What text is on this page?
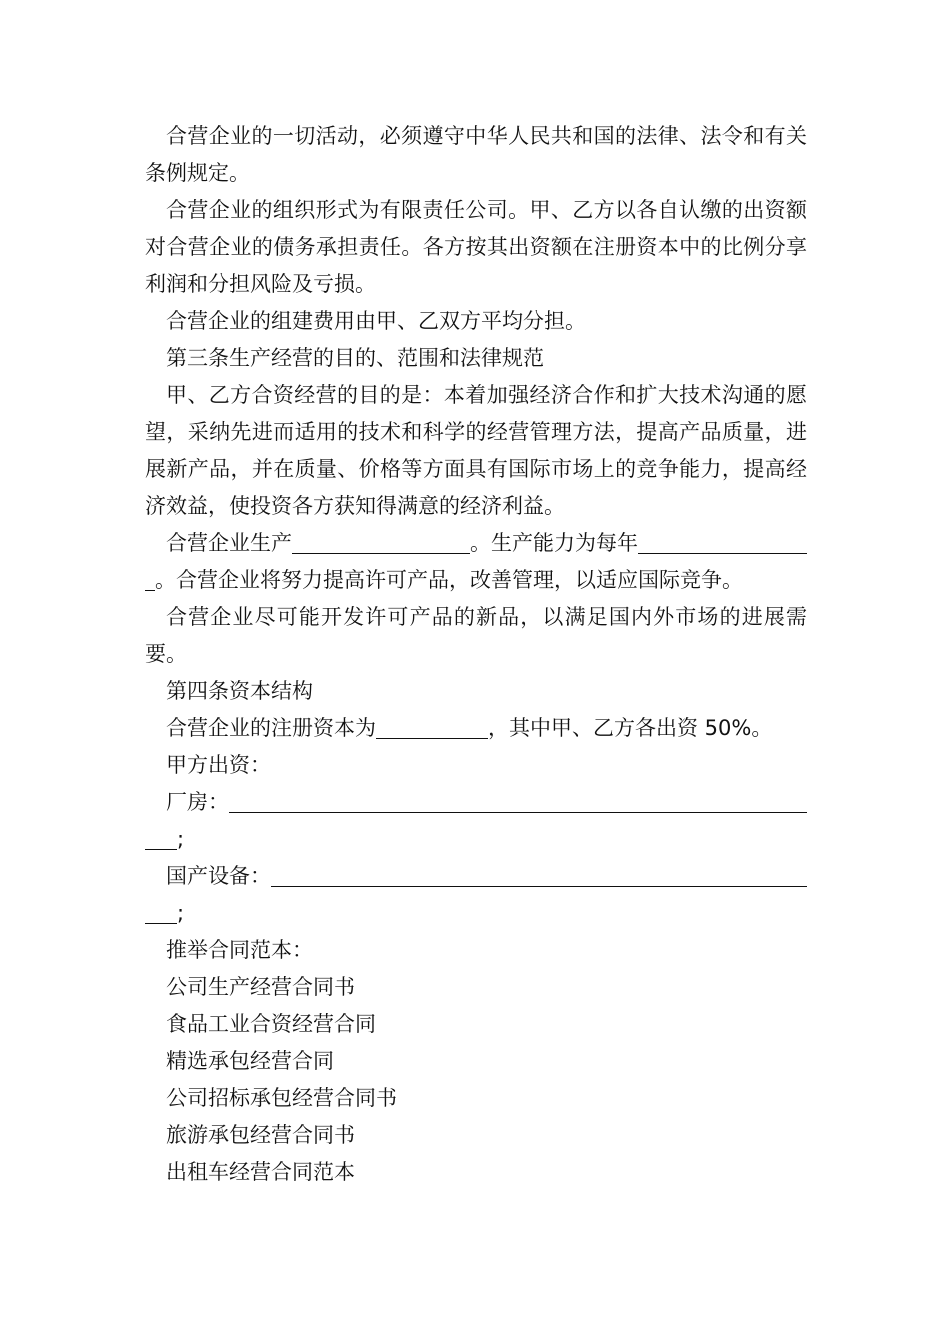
合营企业的一切活动，必须遵守中华人民共和国的法律、法令和有关条例规定。

合营企业的组织形式为有限责任公司。甲、乙方以各自认缴的出资额对合营企业的债务承担责任。各方按其出资额在注册资本中的比例分享利润和分担风险及亏损。

合营企业的组建费用由甲、乙双方平均分担。

第三条生产经营的目的、范围和法律规范

甲、乙方合资经营的目的是：本着加强经济合作和扩大技术沟通的愿望，采纳先进而适用的技术和科学的经营管理方法，提高产品质量，进展新产品，并在质量、价格等方面具有国际市场上的竞争能力，提高经济效益，使投资各方获知得满意的经济利益。

合营企业生产	。生产能力为每年
。合营企业将努力提高许可产品，改善管理，以适应国际竞争。

合营企业尽可能开发许可产品的新品，以满足国内外市场的进展需要。

第四条资本结构

合营企业的注册资本为	，其中甲、乙方各出资 50%。

甲方出资：

厂房：
;
国产设备：
;
推举合同范本：
公司生产经营合同书
食品工业合资经营合同
精选承包经营合同
公司招标承包经营合同书
旅游承包经营合同书
出租车经营合同范本
